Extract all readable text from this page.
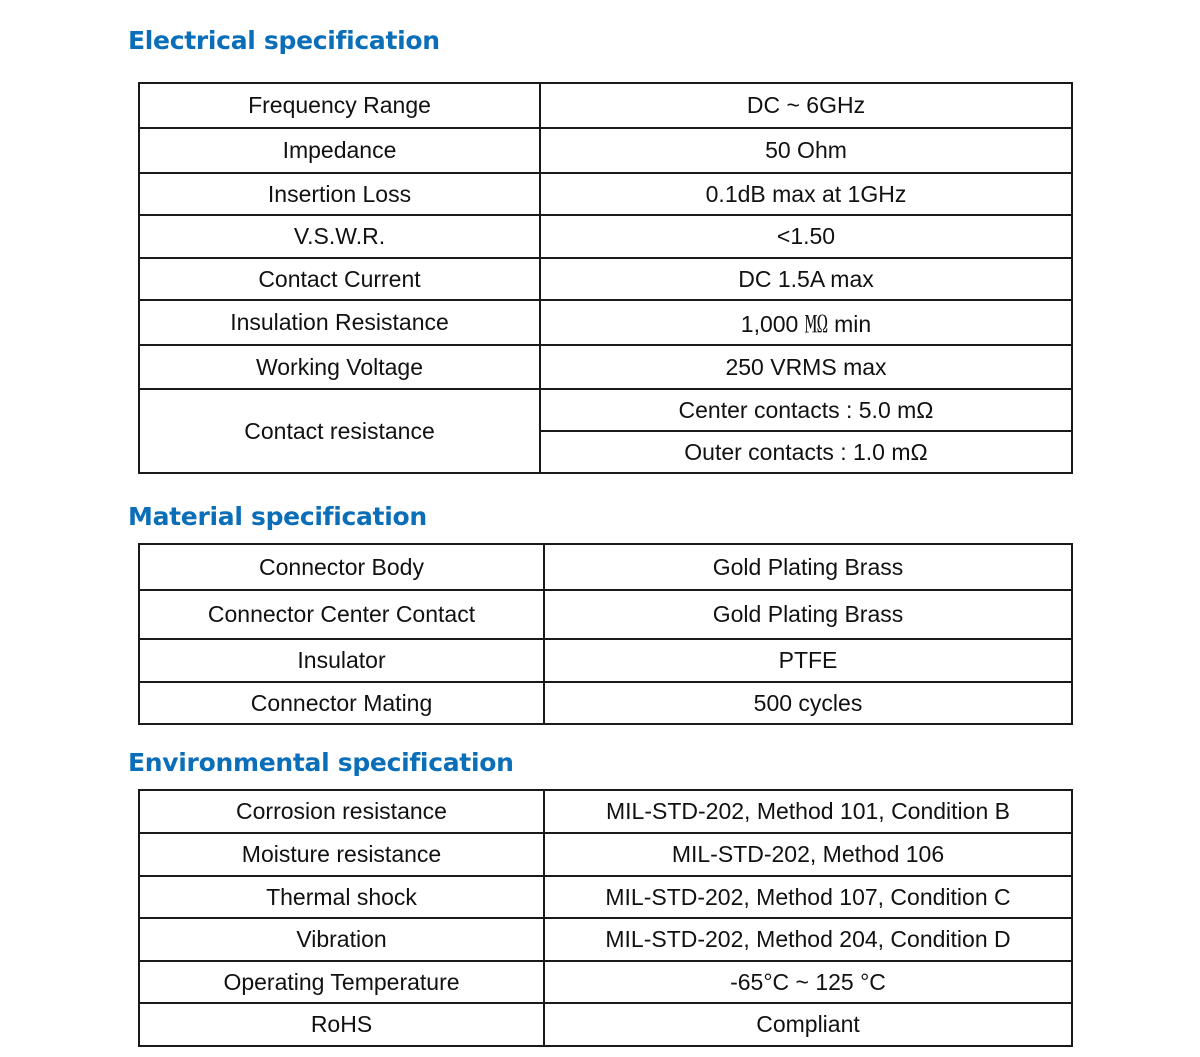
Electrical specification
Frequency Range	DC ~ 6GHz
Impedance	50 Ohm
Insertion Loss	0.1dB max at 1GHz
V.S.W.R.	<1.50
Contact Current	DC 1.5A max
Insulation Resistance	1,000 ㏁ min
Working Voltage	250 VRMS max
Contact resistance	Center contacts : 5.0 mΩ
	Outer contacts : 1.0 mΩ
Material specification
Connector Body	Gold Plating Brass
Connector Center Contact	Gold Plating Brass
Insulator	PTFE
Connector Mating	500 cycles
Environmental specification
Corrosion resistance	MIL-STD-202, Method 101, Condition B
Moisture resistance	MIL-STD-202, Method 106
Thermal shock	MIL-STD-202, Method 107, Condition C
Vibration	MIL-STD-202, Method 204, Condition D
Operating Temperature	-65°C ~ 125 °C
RoHS	Compliant
